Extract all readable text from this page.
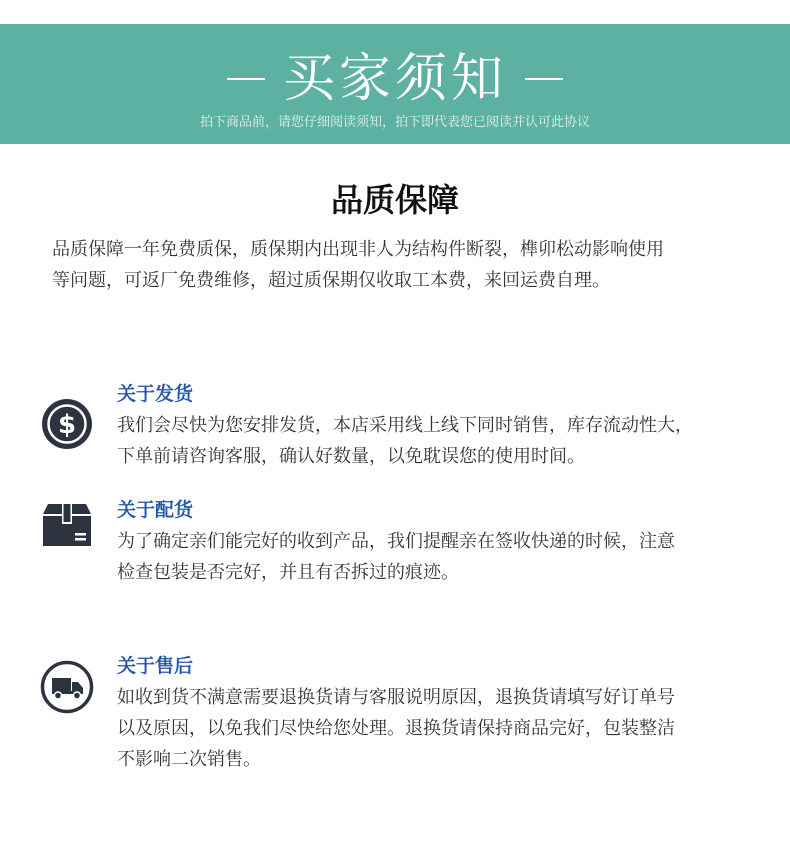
买家须知
拍下商品前，请您仔细阅读须知，拍下即代表您已阅读并认可此协议
品质保障
品质保障一年免费质保，质保期内出现非人为结构件断裂，榫卯松动影响使用
等问题，可返厂免费维修，超过质保期仅收取工本费，来回运费自理。
$
关于发货
我们会尽快为您安排发货，本店采用线上线下同时销售，库存流动性大，
下单前请咨询客服，确认好数量，以免耽误您的使用时间。
关于配货
为了确定亲们能完好的收到产品，我们提醒亲在签收快递的时候，注意
检查包装是否完好，并且有否拆过的痕迹。
关于售后
如收到货不满意需要退换货请与客服说明原因，退换货请填写好订单号
以及原因，以免我们尽快给您处理。退换货请保持商品完好，包装整洁
不影响二次销售。
